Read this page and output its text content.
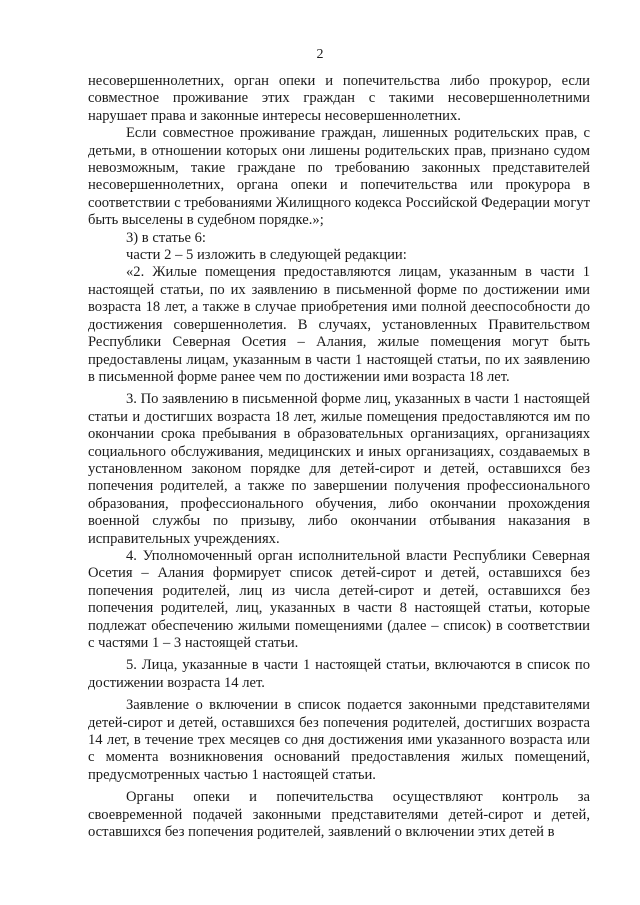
2

несовершеннолетних, орган опеки и попечительства либо прокурор, если совместное проживание этих граждан с такими несовершеннолетними нарушает права и законные интересы несовершеннолетних.

Если совместное проживание граждан, лишенных родительских прав, с детьми, в отношении которых они лишены родительских прав, признано судом невозможным, такие граждане по требованию законных представителей несовершеннолетних, органа опеки и попечительства или прокурора в соответствии с требованиями Жилищного кодекса Российской Федерации могут быть выселены в судебном порядке.»;

3) в статье 6:

части 2 – 5 изложить в следующей редакции:

«2. Жилые помещения предоставляются лицам, указанным в части 1 настоящей статьи, по их заявлению в письменной форме по достижении ими возраста 18 лет, а также в случае приобретения ими полной дееспособности до достижения совершеннолетия. В случаях, установленных Правительством Республики Северная Осетия – Алания, жилые помещения могут быть предоставлены лицам, указанным в части 1 настоящей статьи, по их заявлению в письменной форме ранее чем по достижении ими возраста 18 лет.

3. По заявлению в письменной форме лиц, указанных в части 1 настоящей статьи и достигших возраста 18 лет, жилые помещения предоставляются им по окончании срока пребывания в образовательных организациях, организациях социального обслуживания, медицинских и иных организациях, создаваемых в установленном законом порядке для детей-сирот и детей, оставшихся без попечения родителей, а также по завершении получения профессионального образования, профессионального обучения, либо окончании прохождения военной службы по призыву, либо окончании отбывания наказания в исправительных учреждениях.

4. Уполномоченный орган исполнительной власти Республики Северная Осетия – Алания формирует список детей-сирот и детей, оставшихся без попечения родителей, лиц из числа детей-сирот и детей, оставшихся без попечения родителей, лиц, указанных в части 8 настоящей статьи, которые подлежат обеспечению жилыми помещениями (далее – список) в соответствии с частями 1 – 3 настоящей статьи.

5. Лица, указанные в части 1 настоящей статьи, включаются в список по достижении возраста 14 лет.

Заявление о включении в список подается законными представителями детей-сирот и детей, оставшихся без попечения родителей, достигших возраста 14 лет, в течение трех месяцев со дня достижения ими указанного возраста или с момента возникновения оснований предоставления жилых помещений, предусмотренных частью 1 настоящей статьи.

Органы опеки и попечительства осуществляют контроль за своевременной подачей законными представителями детей-сирот и детей, оставшихся без попечения родителей, заявлений о включении этих детей в
